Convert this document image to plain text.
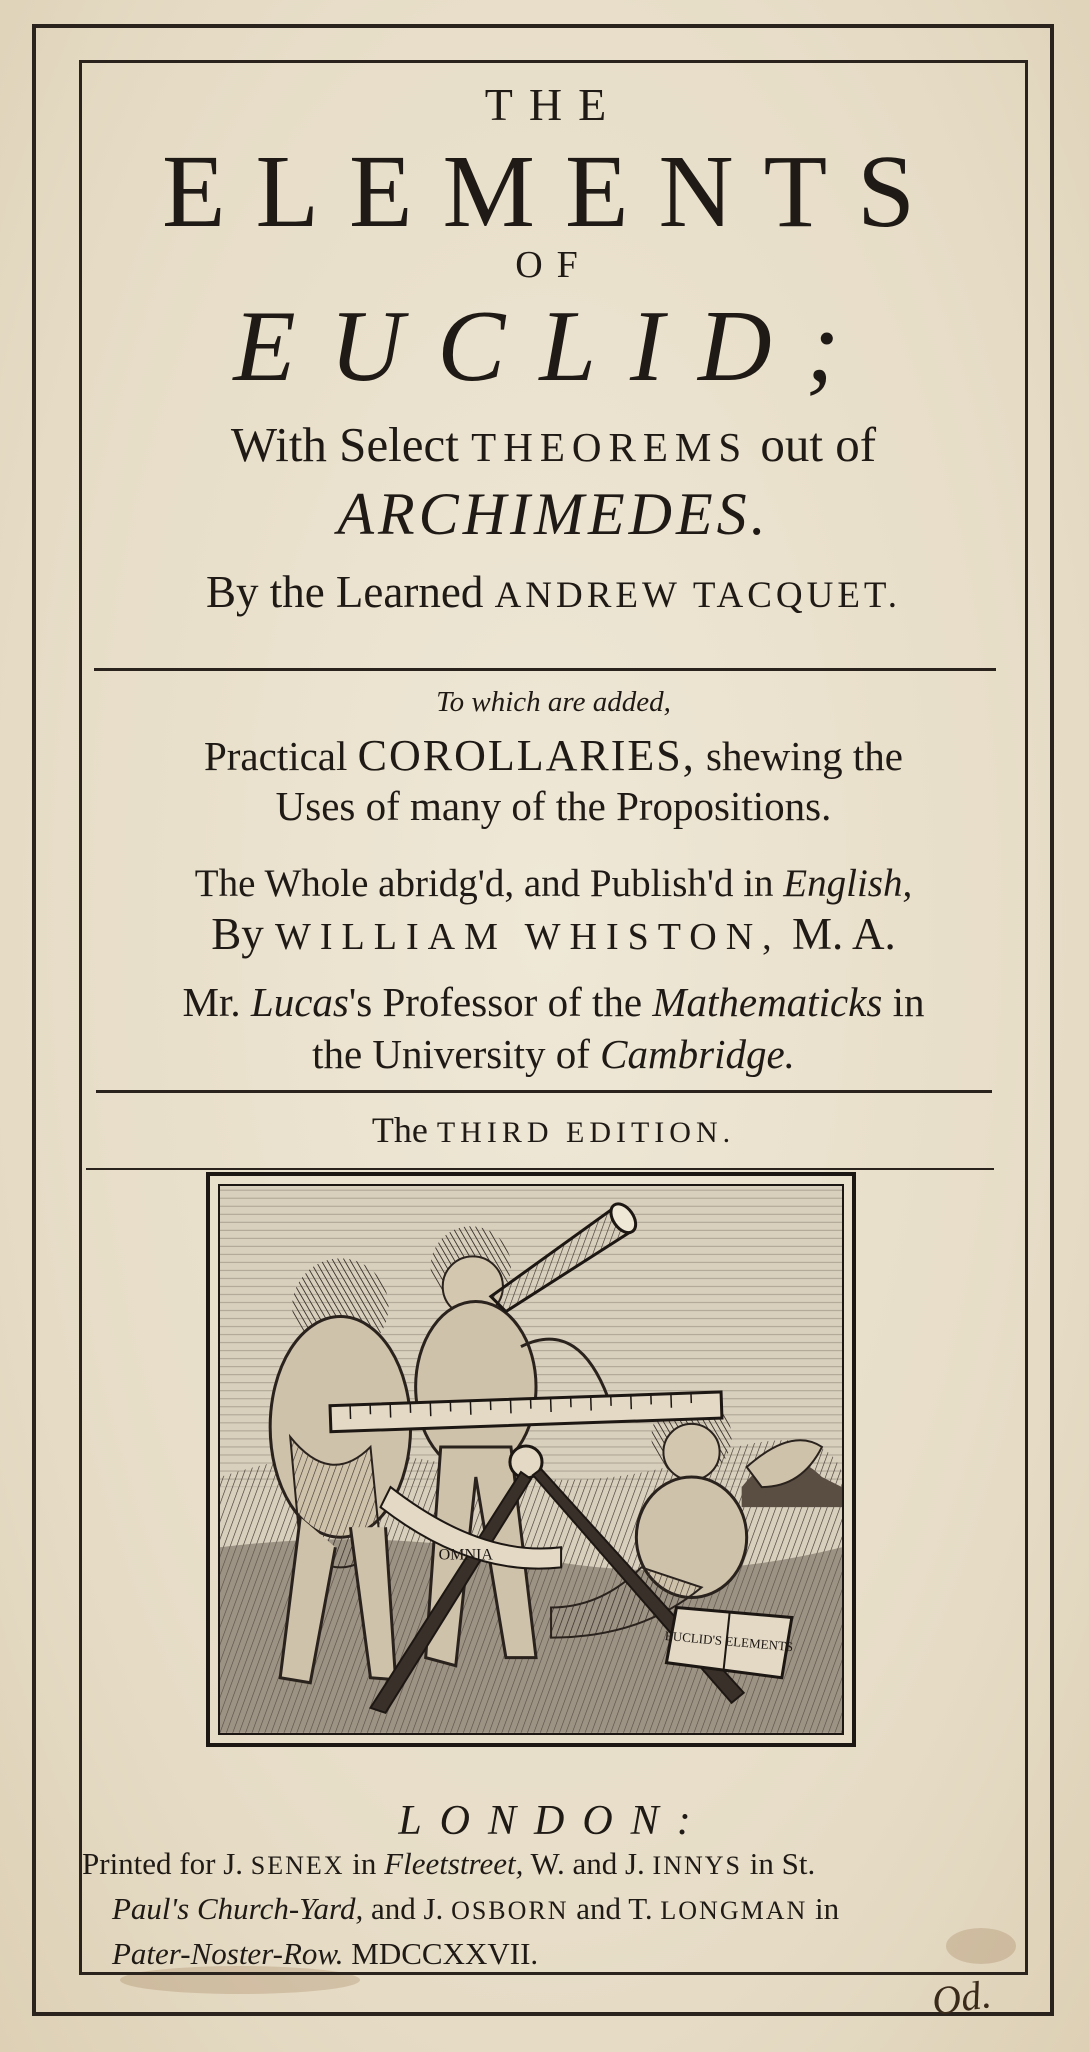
THE
ELEMENTS
OF
EUCLID;
With Select THEOREMS out of
ARCHIMEDES.
By the Learned ANDREW TACQUET.
To which are added,
Practical COROLLARIES, shewing the
Uses of many of the Propositions.
The Whole abridg'd, and Publish'd in English,
By WILLIAM WHISTON, M. A.
Mr. Lucas's Professor of the Mathematicks in
the University of Cambridge.
The THIRD EDITION.
OMNIA
EUCLID'S ELEMENTS
LONDON:
Printed for J. SENEX in Fleetstreet, W. and J. INNYS in St.
Paul's Church-Yard, and J. OSBORN and T. LONGMAN in
Pater-Noster-Row. MDCCXXVII.
Od.
